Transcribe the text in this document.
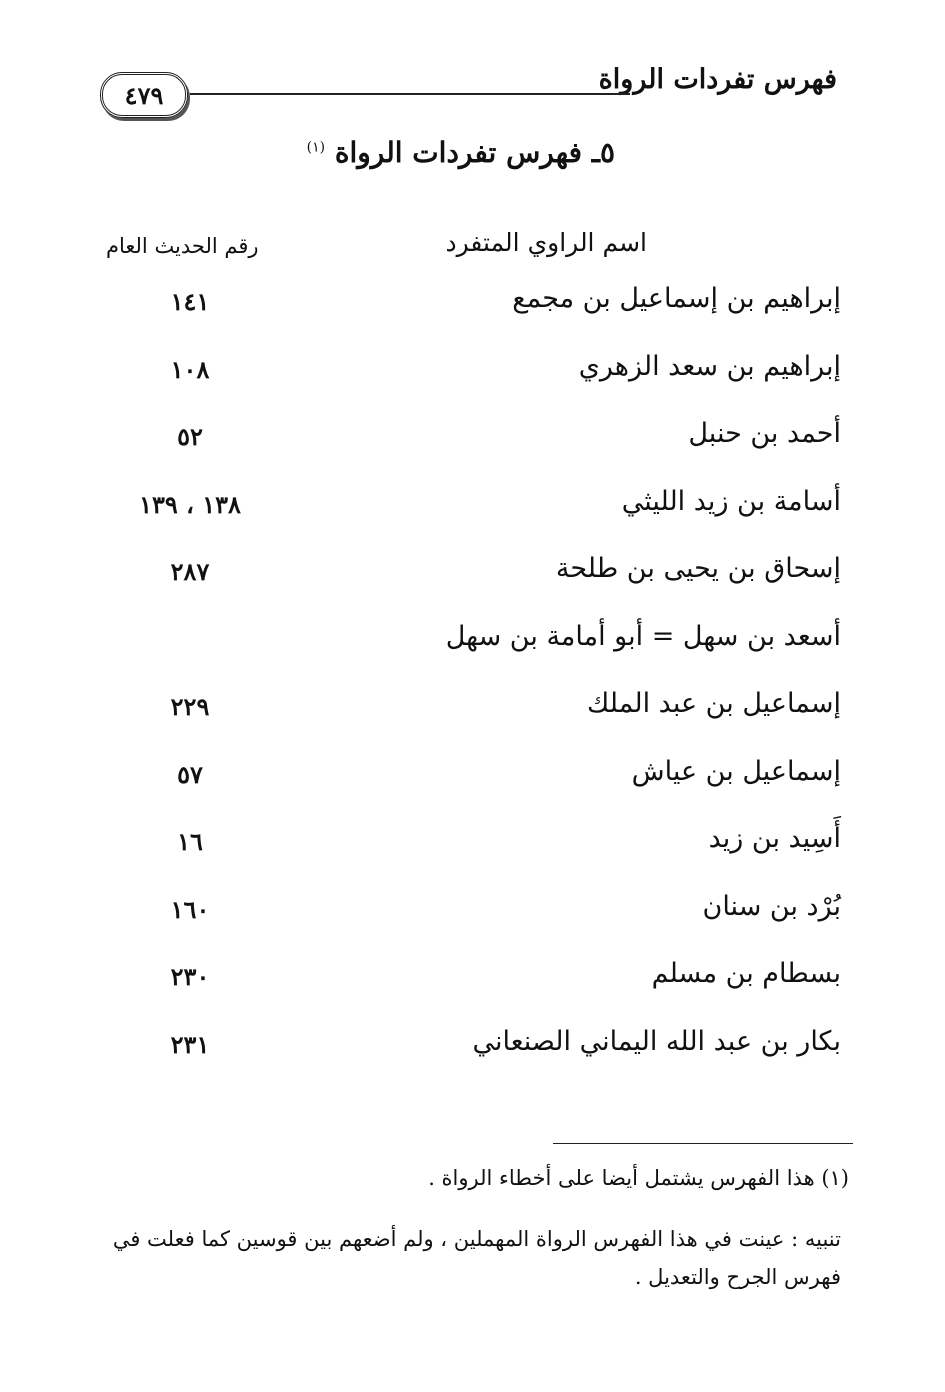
فهرس تفردات الرواة
٤٧٩
٥ـ فهرس تفردات الرواة $^{(١)}$
اسم الراوي المتفرد
رقم الحديث العام
إبراهيم بن إسماعيل بن مجمع
١٤١
إبراهيم بن سعد الزهري
١٠٨
أحمد بن حنبل
٥٢
أسامة بن زيد الليثي
١٣٨ ، ١٣٩
إسحاق بن يحيى بن طلحة
٢٨٧
أسعد بن سهل = أبو أمامة بن سهل
إسماعيل بن عبد الملك
٢٢٩
إسماعيل بن عياش
٥٧
أَسِيد بن زيد
١٦
بُرْد بن سنان
١٦٠
بسطام بن مسلم
٢٣٠
بكار بن عبد الله اليماني الصنعاني
٢٣١
(١) هذا الفهرس يشتمل أيضا على أخطاء الرواة .
تنبيه : عينت في هذا الفهرس الرواة المهملين ، ولم أضعهم بين قوسين كما فعلت في فهرس الجرح والتعديل .
